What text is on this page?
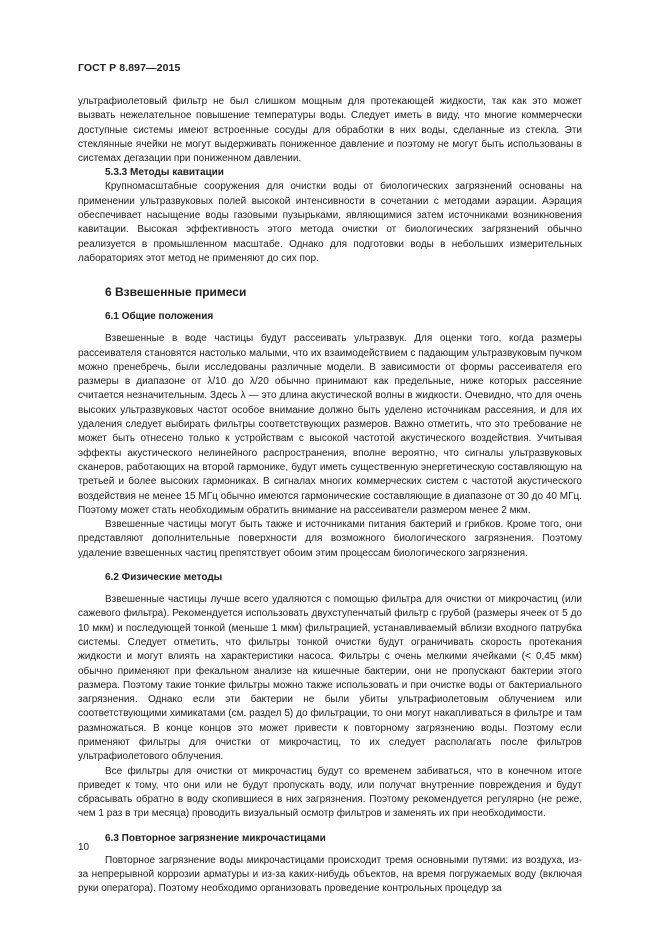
ГОСТ Р 8.897—2015

ультрафиолетовый фильтр не был слишком мощным для протекающей жидкости, так как это может вызвать нежелательное повышение температуры воды. Следует иметь в виду, что многие коммерчески доступные системы имеют встроенные сосуды для обработки в них воды, сделанные из стекла. Эти стеклянные ячейки не могут выдерживать пониженное давление и поэтому не могут быть использованы в системах дегазации при пониженном давлении.

5.3.3 Методы кавитации

Крупномасштабные сооружения для очистки воды от биологических загрязнений основаны на применении ультразвуковых полей высокой интенсивности в сочетании с методами аэрации. Аэрация обеспечивает насыщение воды газовыми пузырьками, являющимися затем источниками возникновения кавитации. Высокая эффективность этого метода очистки от биологических загрязнений обычно реализуется в промышленном масштабе. Однако для подготовки воды в небольших измерительных лабораториях этот метод не применяют до сих пор.

6 Взвешенные примеси
6.1 Общие положения

Взвешенные в воде частицы будут рассеивать ультразвук. Для оценки того, когда размеры рассеивателя становятся настолько малыми, что их взаимодействием с падающим ультразвуковым пучком можно пренебречь, были исследованы различные модели. В зависимости от формы рассеивателя его размеры в диапазоне от λ/10 до λ/20 обычно принимают как предельные, ниже которых рассеяние считается незначительным. Здесь λ — это длина акустической волны в жидкости. Очевидно, что для очень высоких ультразвуковых частот особое внимание должно быть уделено источникам рассеяния, и для их удаления следует выбирать фильтры соответствующих размеров. Важно отметить, что это требование не может быть отнесено только к устройствам с высокой частотой акустического воздействия. Учитывая эффекты акустического нелинейного распространения, вполне вероятно, что сигналы ультразвуковых сканеров, работающих на второй гармонике, будут иметь существенную энергетическую составляющую на третьей и более высоких гармониках. В сигналах многих коммерческих систем с частотой акустического воздействия не менее 15 МГц обычно имеются гармонические составляющие в диапазоне от 30 до 40 МГц. Поэтому может стать необходимым обратить внимание на рассеиватели размером менее 2 мкм.

Взвешенные частицы могут быть также и источниками питания бактерий и грибков. Кроме того, они представляют дополнительные поверхности для возможного биологического загрязнения. Поэтому удаление взвешенных частиц препятствует обоим этим процессам биологического загрязнения.

6.2 Физические методы

Взвешенные частицы лучше всего удаляются с помощью фильтра для очистки от микрочастиц (или сажевого фильтра). Рекомендуется использовать двухступенчатый фильтр с грубой (размеры ячеек от 5 до 10 мкм) и последующей тонкой (меньше 1 мкм) фильтрацией, устанавливаемый вблизи входного патрубка системы. Следует отметить, что фильтры тонкой очистки будут ограничивать скорость протекания жидкости и могут влиять на характеристики насоса. Фильтры с очень мелкими ячейками (< 0,45 мкм) обычно применяют при фекальном анализе на кишечные бактерии, они не пропускают бактерии этого размера. Поэтому такие тонкие фильтры можно также использовать и при очистке воды от бактериального загрязнения. Однако если эти бактерии не были убиты ультрафиолетовым облучением или соответствующими химикатами (см. раздел 5) до фильтрации, то они могут накапливаться в фильтре и там размножаться. В конце концов это может привести к повторному загрязнению воды. Поэтому если применяют фильтры для очистки от микрочастиц, то их следует располагать после фильтров ультрафиолетового облучения.

Все фильтры для очистки от микрочастиц будут со временем забиваться, что в конечном итоге приведет к тому, что они или не будут пропускать воду, или получат внутренние повреждения и будут сбрасывать обратно в воду скопившиеся в них загрязнения. Поэтому рекомендуется регулярно (не реже, чем 1 раз в три месяца) проводить визуальный осмотр фильтров и заменять их при необходимости.

6.3 Повторное загрязнение микрочастицами

Повторное загрязнение воды микрочастицами происходит тремя основными путями: из воздуха, из-за непрерывной коррозии арматуры и из-за каких-нибудь объектов, на время погружаемых воду (включая руки оператора). Поэтому необходимо организовать проведение контрольных процедур за

10
